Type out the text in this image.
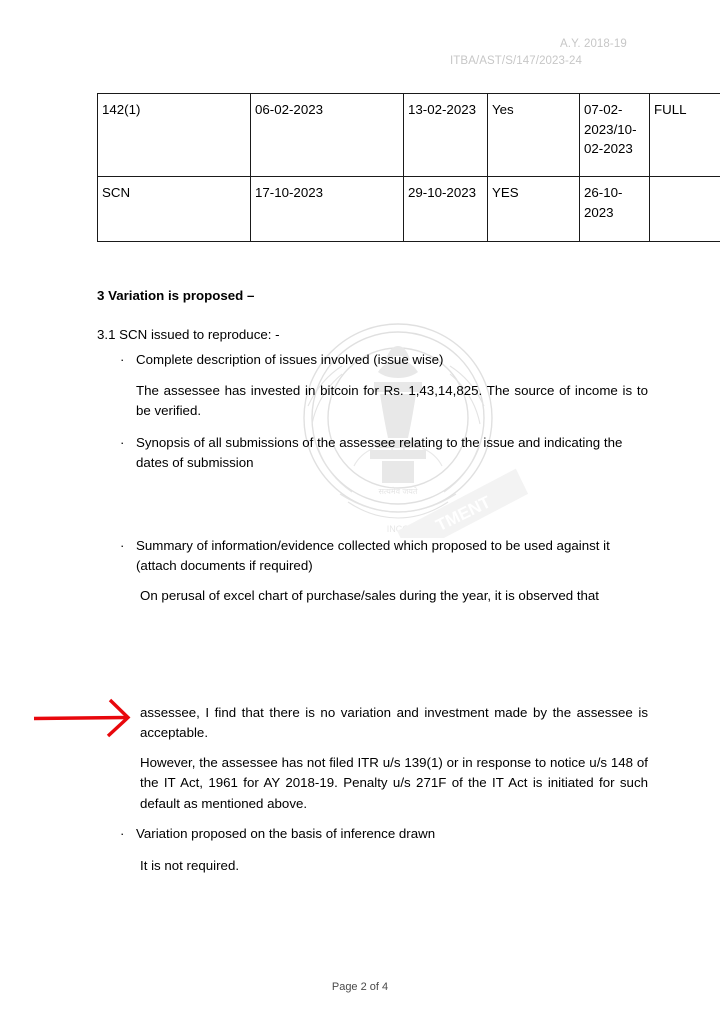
सत्यमेव जयते
INCO TMENT
A.Y. 2018-19
ITBA/AST/S/147/2023-24
142(1)	06-02-2023	13-02-2023	Yes	07-02-2023/10-02-2023	FULL
SCN	17-10-2023	29-10-2023	YES	26-10-2023	
3 Variation is proposed –
3.1 SCN issued to reproduce: -
· Complete description of issues involved (issue wise)
The assessee has invested in bitcoin for Rs. 1,43,14,825. The source of income is to be verified.
· Synopsis of all submissions of the assessee relating to the issue and indicating the dates of submission
· Summary of information/evidence collected which proposed to be used against it (attach documents if required)
On perusal of excel chart of purchase/sales during the year, it is observed that
assessee, I find that there is no variation and investment made by the assessee is acceptable.
However, the assessee has not filed ITR u/s 139(1) or in response to notice u/s 148 of the IT Act, 1961 for AY 2018-19. Penalty u/s 271F of the IT Act is initiated for such default as mentioned above.
· Variation proposed on the basis of inference drawn
It is not required.
Page 2 of 4
